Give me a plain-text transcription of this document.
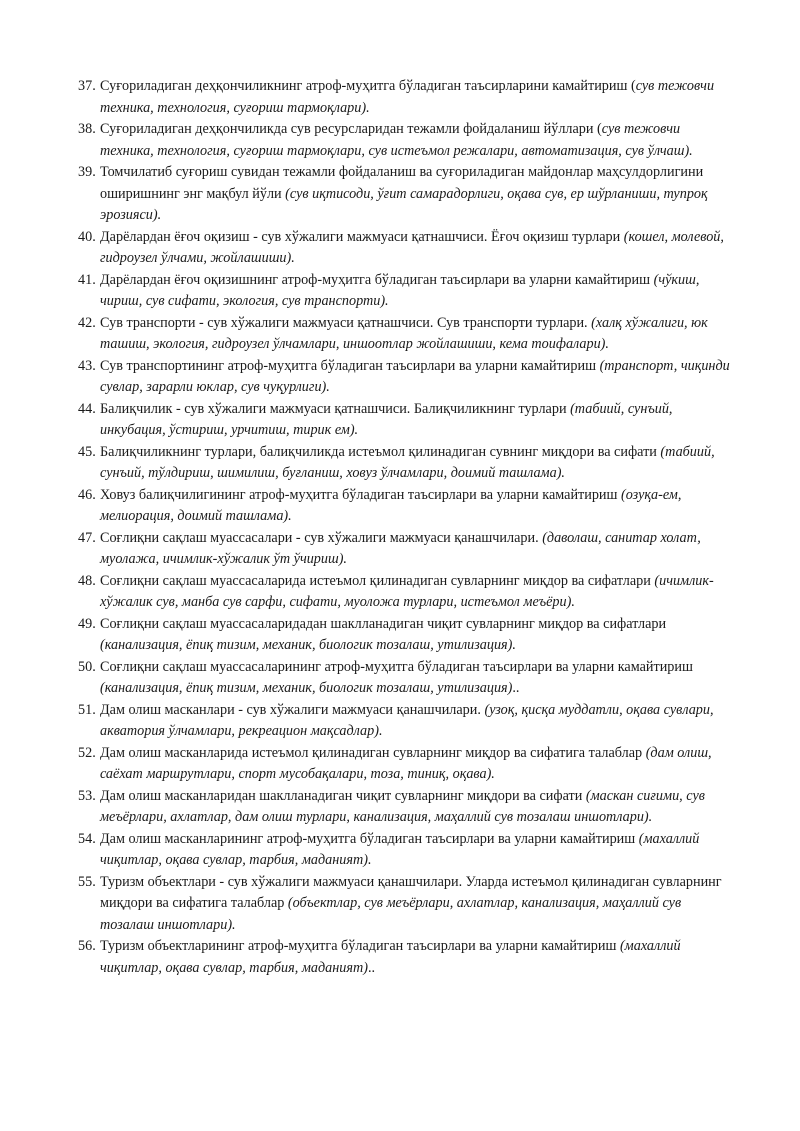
37. Суғориладиган деҳқончиликнинг атроф-муҳитга бўладиган таъсирларини камайтириш (сув тежовчи техника, технология, суғориш тармоқлари).
38. Суғориладиган деҳқончиликда сув ресурсларидан тежамли фойдаланиш йўллари (сув тежовчи техника, технология, суғориш тармоқлари, сув истеъмол режалари, автоматизация, сув ўлчаш).
39. Томчилатиб суғориш сувидан тежамли фойдаланиш ва суғориладиган майдонлар маҳсулдорлигини оширишнинг энг мақбул йўли (сув иқтисоди, ўғит самарадорлиги, оқава сув, ер шўрланиши, тупроқ эрозияси).
40. Дарёлардан ёғоч оқизиш - сув хўжалиги мажмуаси қатнашчиси. Ёғоч оқизиш турлари (кошел, молевой, гидроузел ўлчами, жойлашиши).
41. Дарёлардан ёғоч оқизишнинг атроф-муҳитга бўладиган таъсирлари ва уларни камайтириш (чўкиш, чириш, сув сифати, экология, сув транспорти).
42. Сув транспорти - сув хўжалиги мажмуаси қатнашчиси. Сув транспорти турлари. (халқ хўжалиги, юк ташиш, экология, гидроузел ўлчамлари, иншоотлар жойлашиши, кема тоифалари).
43. Сув транспортининг атроф-муҳитга бўладиган таъсирлари ва уларни камайтириш (транспорт, чиқинди сувлар, зарарли юклар, сув чуқурлиги).
44. Балиқчилик - сув хўжалиги мажмуаси қатнашчиси. Балиқчиликнинг турлари (табиий, сунъий, инкубация, ўстириш, урчитиш, тирик ем).
45. Балиқчиликнинг турлари, балиқчиликда истеъмол қилинадиган сувнинг миқдори ва сифати (табиий, сунъий, тўлдириш, шимилиш, буғланиш, ховуз ўлчамлари, доимий ташлама).
46. Ховуз балиқчилигининг атроф-муҳитга бўладиган таъсирлари ва уларни камайтириш (озуқа-ем, мелиорация, доимий ташлама).
47. Соғлиқни сақлаш муассасалари - сув хўжалиги мажмуаси қанашчилари. (даволаш, санитар холат, муолажа, ичимлик-хўжалик ўт ўчириш).
48. Соғлиқни сақлаш муассасаларида истеъмол қилинадиган сувларнинг миқдор ва сифатлари (ичимлик-хўжалик сув, манба сув сарфи, сифати, муоложа турлари, истеъмол меъёри).
49. Соғлиқни сақлаш муассасаларидадан шаклланадиган чиқит сувларнинг миқдор ва сифатлари (канализация, ёпиқ тизим, механик, биологик тозалаш, утилизация).
50. Соғлиқни сақлаш муассасаларининг атроф-муҳитга бўладиган таъсирлари ва уларни камайтириш (канализация, ёпиқ тизим, механик, биологик тозалаш, утилизация)..
51. Дам олиш масканлари - сув хўжалиги мажмуаси қанашчилари. (узоқ, қисқа муддатли, оқава сувлари, акватория ўлчамлари, рекреацион мақсадлар).
52. Дам олиш масканларида истеъмол қилинадиган сувларнинг миқдор ва сифатига талаблар (дам олиш, саёхат маршрутлари, спорт мусобақалари, тоза, тиниқ, оқава).
53. Дам олиш масканларидан шаклланадиган чиқит сувларнинг миқдори ва сифати (маскан сиғими, сув меъёрлари, ахлатлар, дам олиш турлари, канализация, маҳаллий сув тозалаш иншотлари).
54. Дам олиш масканларининг атроф-муҳитга бўладиган таъсирлари ва уларни камайтириш (махаллий чиқитлар, оқава сувлар, тарбия, маданият).
55. Туризм объектлари - сув хўжалиги мажмуаси қанашчилари. Уларда истеъмол қилинадиган сувларнинг миқдори ва сифатига талаблар (объектлар, сув меъёрлари, ахлатлар, канализация, маҳаллий сув тозалаш иншотлари).
56. Туризм объектларининг атроф-муҳитга бўладиган таъсирлари ва уларни камайтириш (махаллий чиқитлар, оқава сувлар, тарбия, маданият)..
